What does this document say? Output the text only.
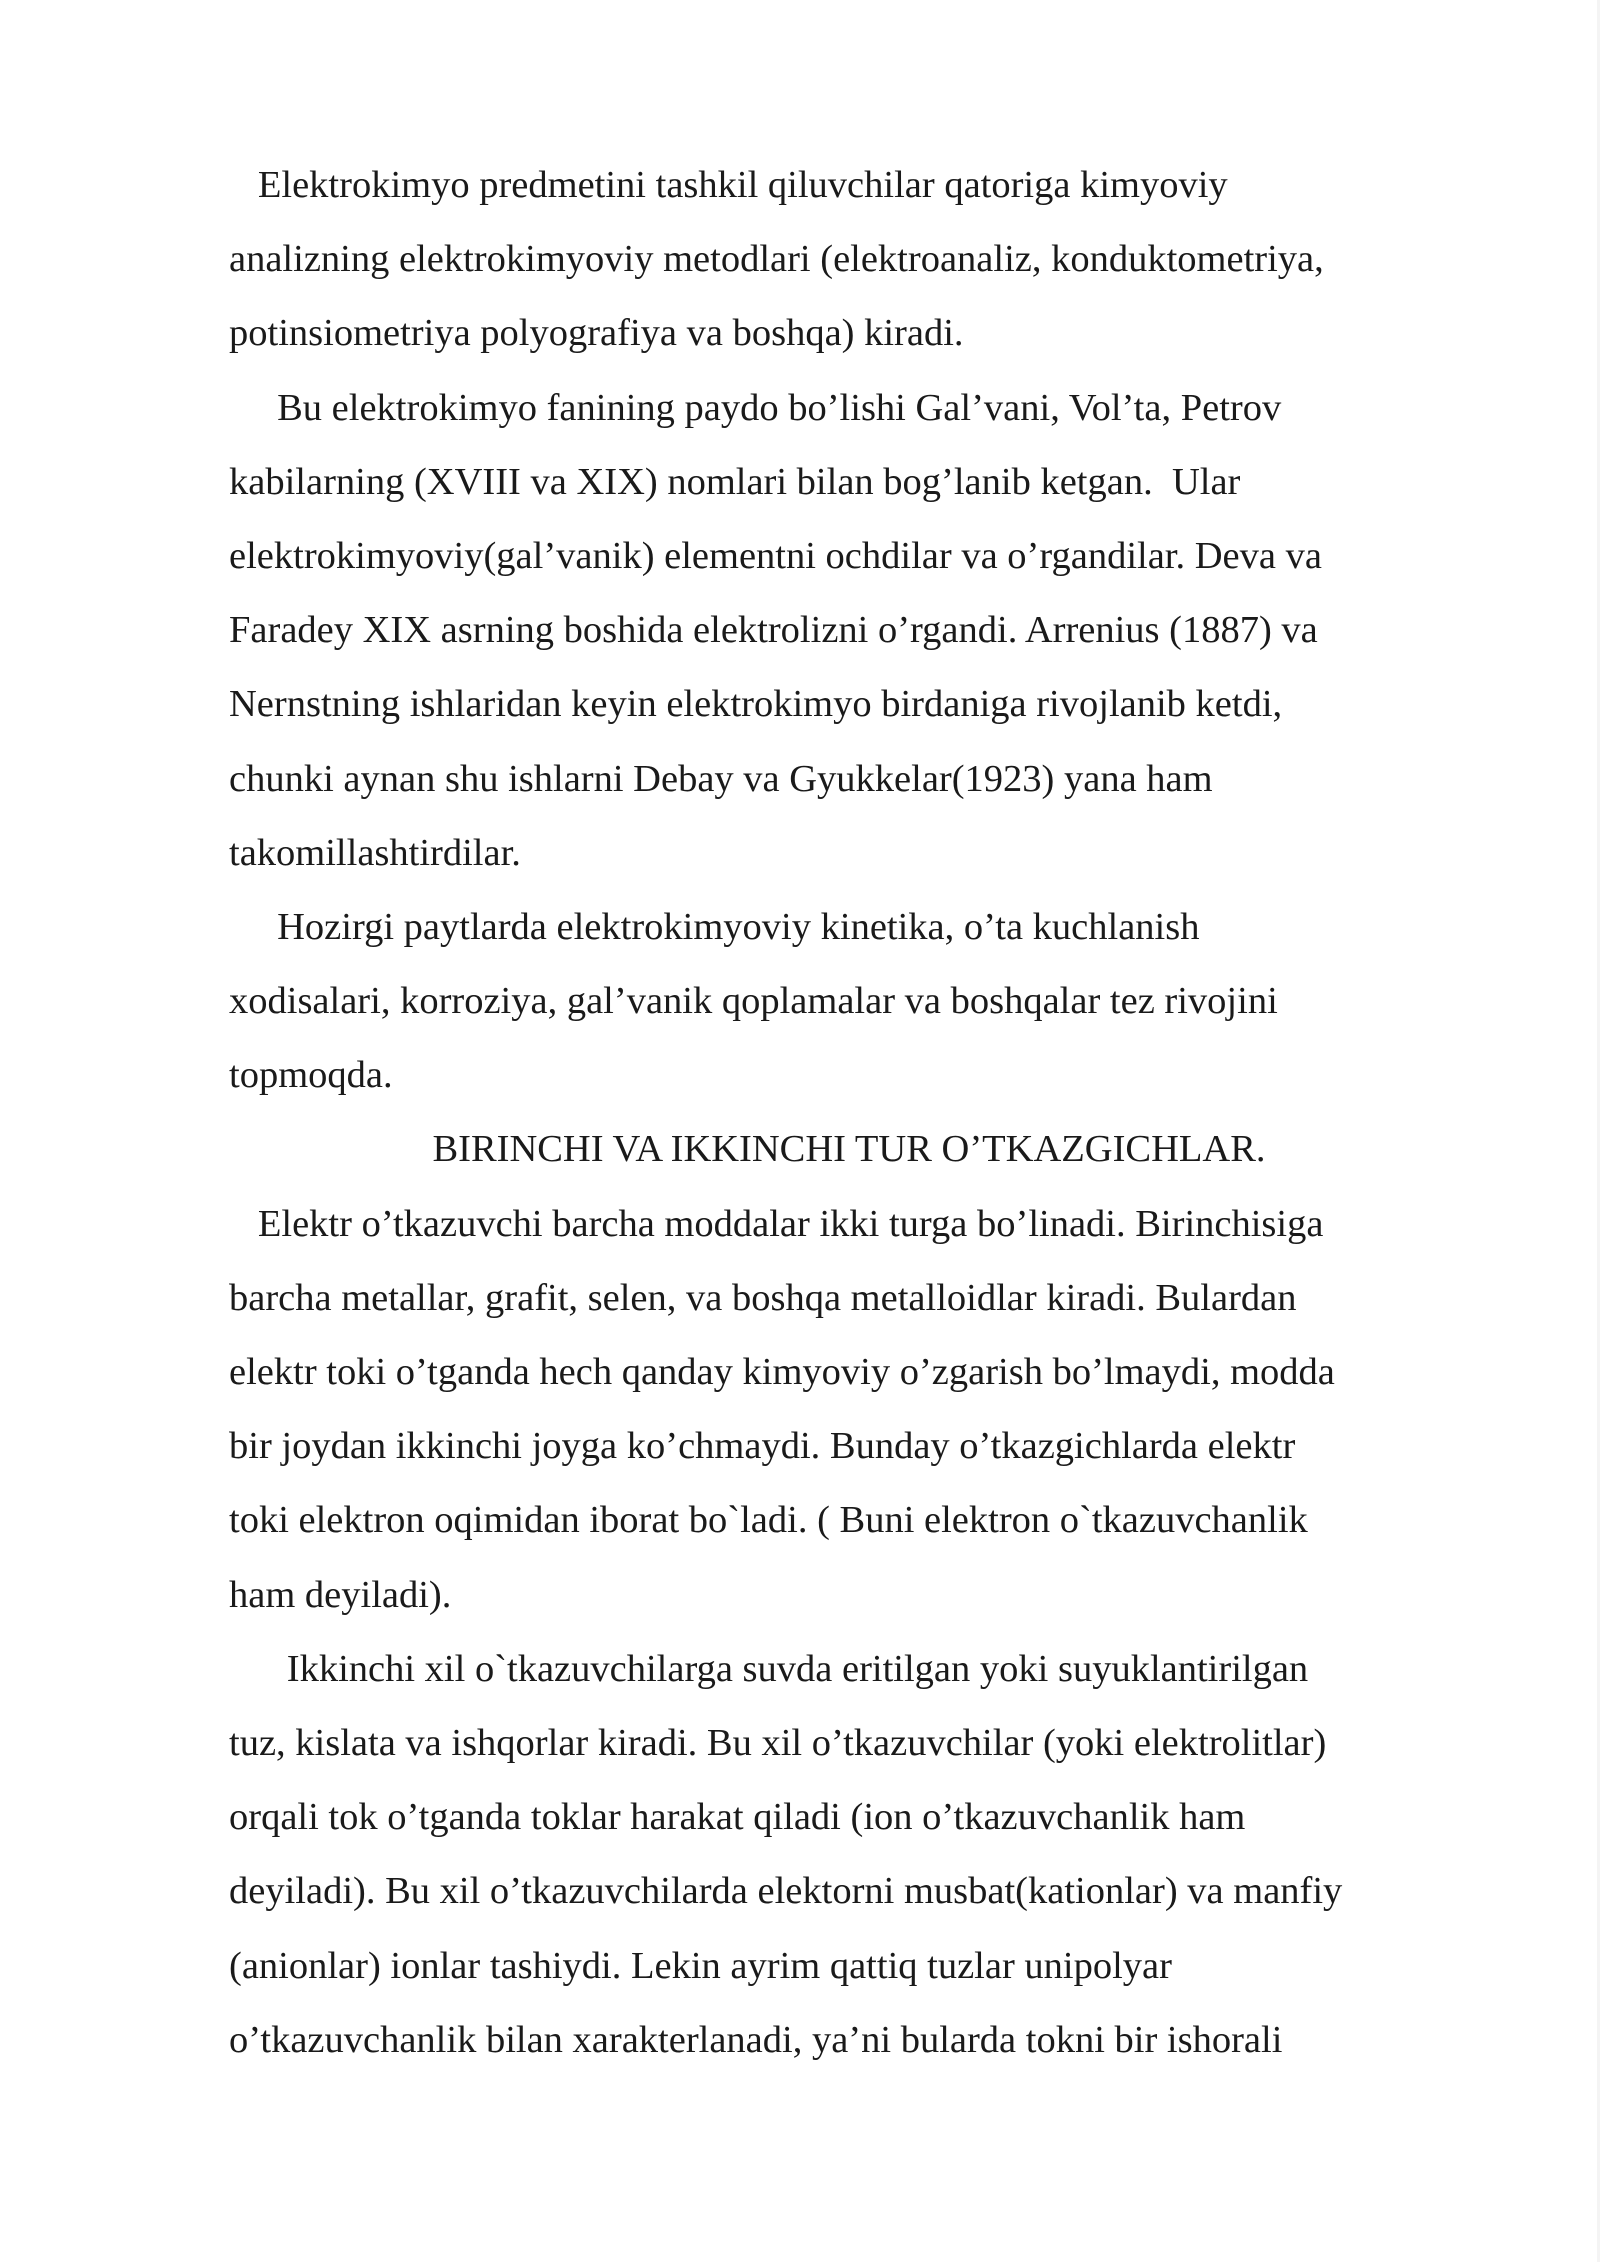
Elektrokimyo predmetini tashkil qiluvchilar qatoriga kimyoviy
analizning elektrokimyoviy metodlari (elektroanaliz, konduktometriya,
potinsiometriya polyografiya va boshqa) kiradi.
Bu elektrokimyo fanining paydo bo’lishi Gal’vani, Vol’ta, Petrov
kabilarning (XVIII va XIX) nomlari bilan bog’lanib ketgan.  Ular
elektrokimyoviy(gal’vanik) elementni ochdilar va o’rgandilar. Deva va
Faradey XIX asrning boshida elektrolizni o’rgandi. Arrenius (1887) va
Nernstning ishlaridan keyin elektrokimyo birdaniga rivojlanib ketdi,
chunki aynan shu ishlarni Debay va Gyukkelar(1923) yana ham
takomillashtirdilar.
Hozirgi paytlarda elektrokimyoviy kinetika, o’ta kuchlanish
xodisalari, korroziya, gal’vanik qoplamalar va boshqalar tez rivojini
topmoqda.
BIRINCHI VA IKKINCHI TUR O’TKAZGICHLAR.
Elektr o’tkazuvchi barcha moddalar ikki turga bo’linadi. Birinchisiga
barcha metallar, grafit, selen, va boshqa metalloidlar kiradi. Bulardan
elektr toki o’tganda hech qanday kimyoviy o’zgarish bo’lmaydi, modda
bir joydan ikkinchi joyga ko’chmaydi. Bunday o’tkazgichlarda elektr
toki elektron oqimidan iborat bo`ladi. ( Buni elektron o`tkazuvchanlik
ham deyiladi).
Ikkinchi xil o`tkazuvchilarga suvda eritilgan yoki suyuklantirilgan
tuz, kislata va ishqorlar kiradi. Bu xil o’tkazuvchilar (yoki elektrolitlar)
orqali tok o’tganda toklar harakat qiladi (ion o’tkazuvchanlik ham
deyiladi). Bu xil o’tkazuvchilarda elektorni musbat(kationlar) va manfiy
(anionlar) ionlar tashiydi. Lekin ayrim qattiq tuzlar unipolyar
o’tkazuvchanlik bilan xarakterlanadi, ya’ni bularda tokni bir ishorali
